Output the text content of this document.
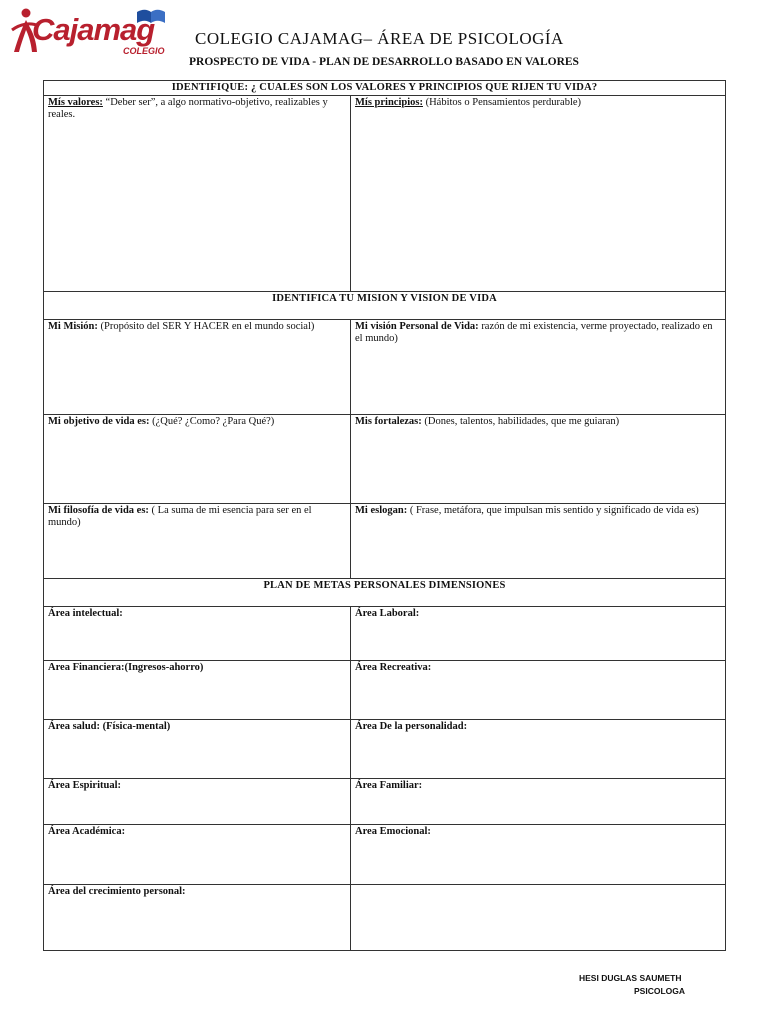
Cajamag
COLEGIO
COLEGIO CAJAMAG– ÁREA DE PSICOLOGÍA
PROSPECTO DE VIDA - PLAN DE DESARROLLO BASADO EN VALORES
IDENTIFIQUE: ¿ CUALES SON LOS VALORES Y PRINCIPIOS QUE RIJEN TU VIDA?	
Mís valores: “Deber ser”, a algo normativo-objetivo, realizables y reales.	Mís principios: (Hábitos o Pensamientos perdurable)
IDENTIFICA TU MISION Y VISION DE VIDA	
Mi Misión: (Propósito del SER Y HACER en el mundo social)	Mi visión Personal de Vida: razón de mi existencia, verme proyectado, realizado en el mundo)
Mi objetivo de vida es: (¿Qué? ¿Como? ¿Para Qué?)	Mis fortalezas: (Dones, talentos, habilidades, que me guiaran)
Mi filosofía de vida es: ( La suma de mi esencia para ser en el mundo)	Mi eslogan: ( Frase, metáfora, que impulsan mis sentido y significado de vida es)
PLAN DE METAS PERSONALES DIMENSIONES	
Área intelectual:	Área Laboral:
Area Financiera:(Ingresos-ahorro)	Área Recreativa:
Área salud: (Física-mental)	Área De la personalidad:
Área Espiritual:	Área Familiar:
Área Académica:	Area Emocional:
Área del crecimiento personal:	
HESI DUGLAS SAUMETH
PSICOLOGA
